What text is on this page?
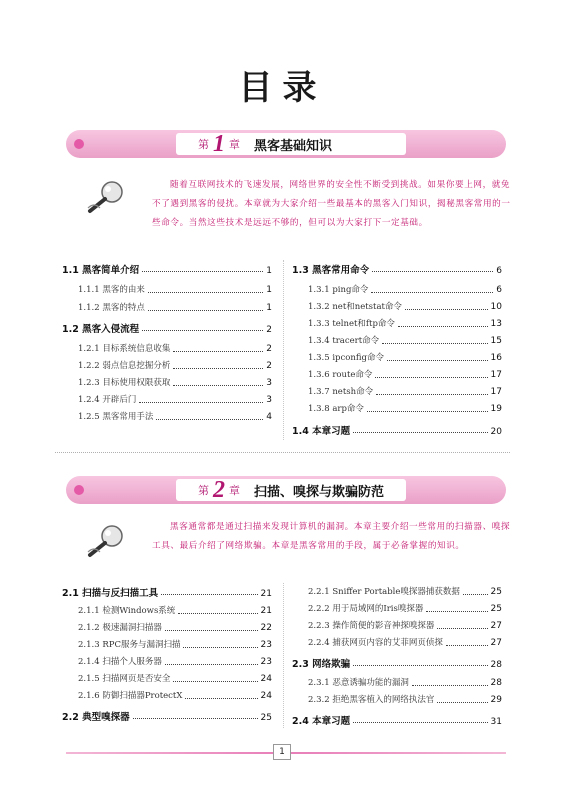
目录
第 1 章 黑客基础知识

随着互联网技术的飞速发展，网络世界的安全性不断受到挑战。如果你要上网，就免不了遇到黑客的侵扰。本章就为大家介绍一些最基本的黑客入门知识，揭秘黑客常用的一些命令。当然这些技术是远远不够的，但可以为大家打下一定基础。

1.1 黑客简单介绍	1
1.1.1 黑客的由来	1
1.1.2 黑客的特点	1
1.2 黑客入侵流程	2
1.2.1 目标系统信息收集	2
1.2.2 弱点信息挖掘分析	2
1.2.3 目标使用权限获取	3
1.2.4 开辟后门	3
1.2.5 黑客常用手法	4
1.3 黑客常用命令	6
1.3.1 ping命令	6
1.3.2 net和netstat命令	10
1.3.3 telnet和ftp命令	13
1.3.4 tracert命令	15
1.3.5 ipconfig命令	16
1.3.6 route命令	17
1.3.7 netsh命令	17
1.3.8 arp命令	19
1.4 本章习题	20
第 2 章 扫描、嗅探与欺骗防范

黑客通常都是通过扫描来发现计算机的漏洞。本章主要介绍一些常用的扫描器、嗅探工具、最后介绍了网络欺骗。本章是黑客常用的手段，属于必备掌握的知识。

2.1 扫描与反扫描工具	21
2.1.1 检测Windows系统	21
2.1.2 极速漏洞扫描器	22
2.1.3 RPC服务与漏洞扫描	23
2.1.4 扫描个人服务器	23
2.1.5 扫描网页是否安全	24
2.1.6 防御扫描器ProtectX	24
2.2 典型嗅探器	25
2.2.1 Sniffer Portable嗅探器捕获数据	25
2.2.2 用于局域网的Iris嗅探器	25
2.2.3 操作简便的影音神探嗅探器	27
2.2.4 捕获网页内容的艾菲网页侦探	27
2.3 网络欺骗	28
2.3.1 恶意诱骗功能的漏洞	28
2.3.2 拒绝黑客植入的网络执法官	29
2.4 本章习题	31
1
